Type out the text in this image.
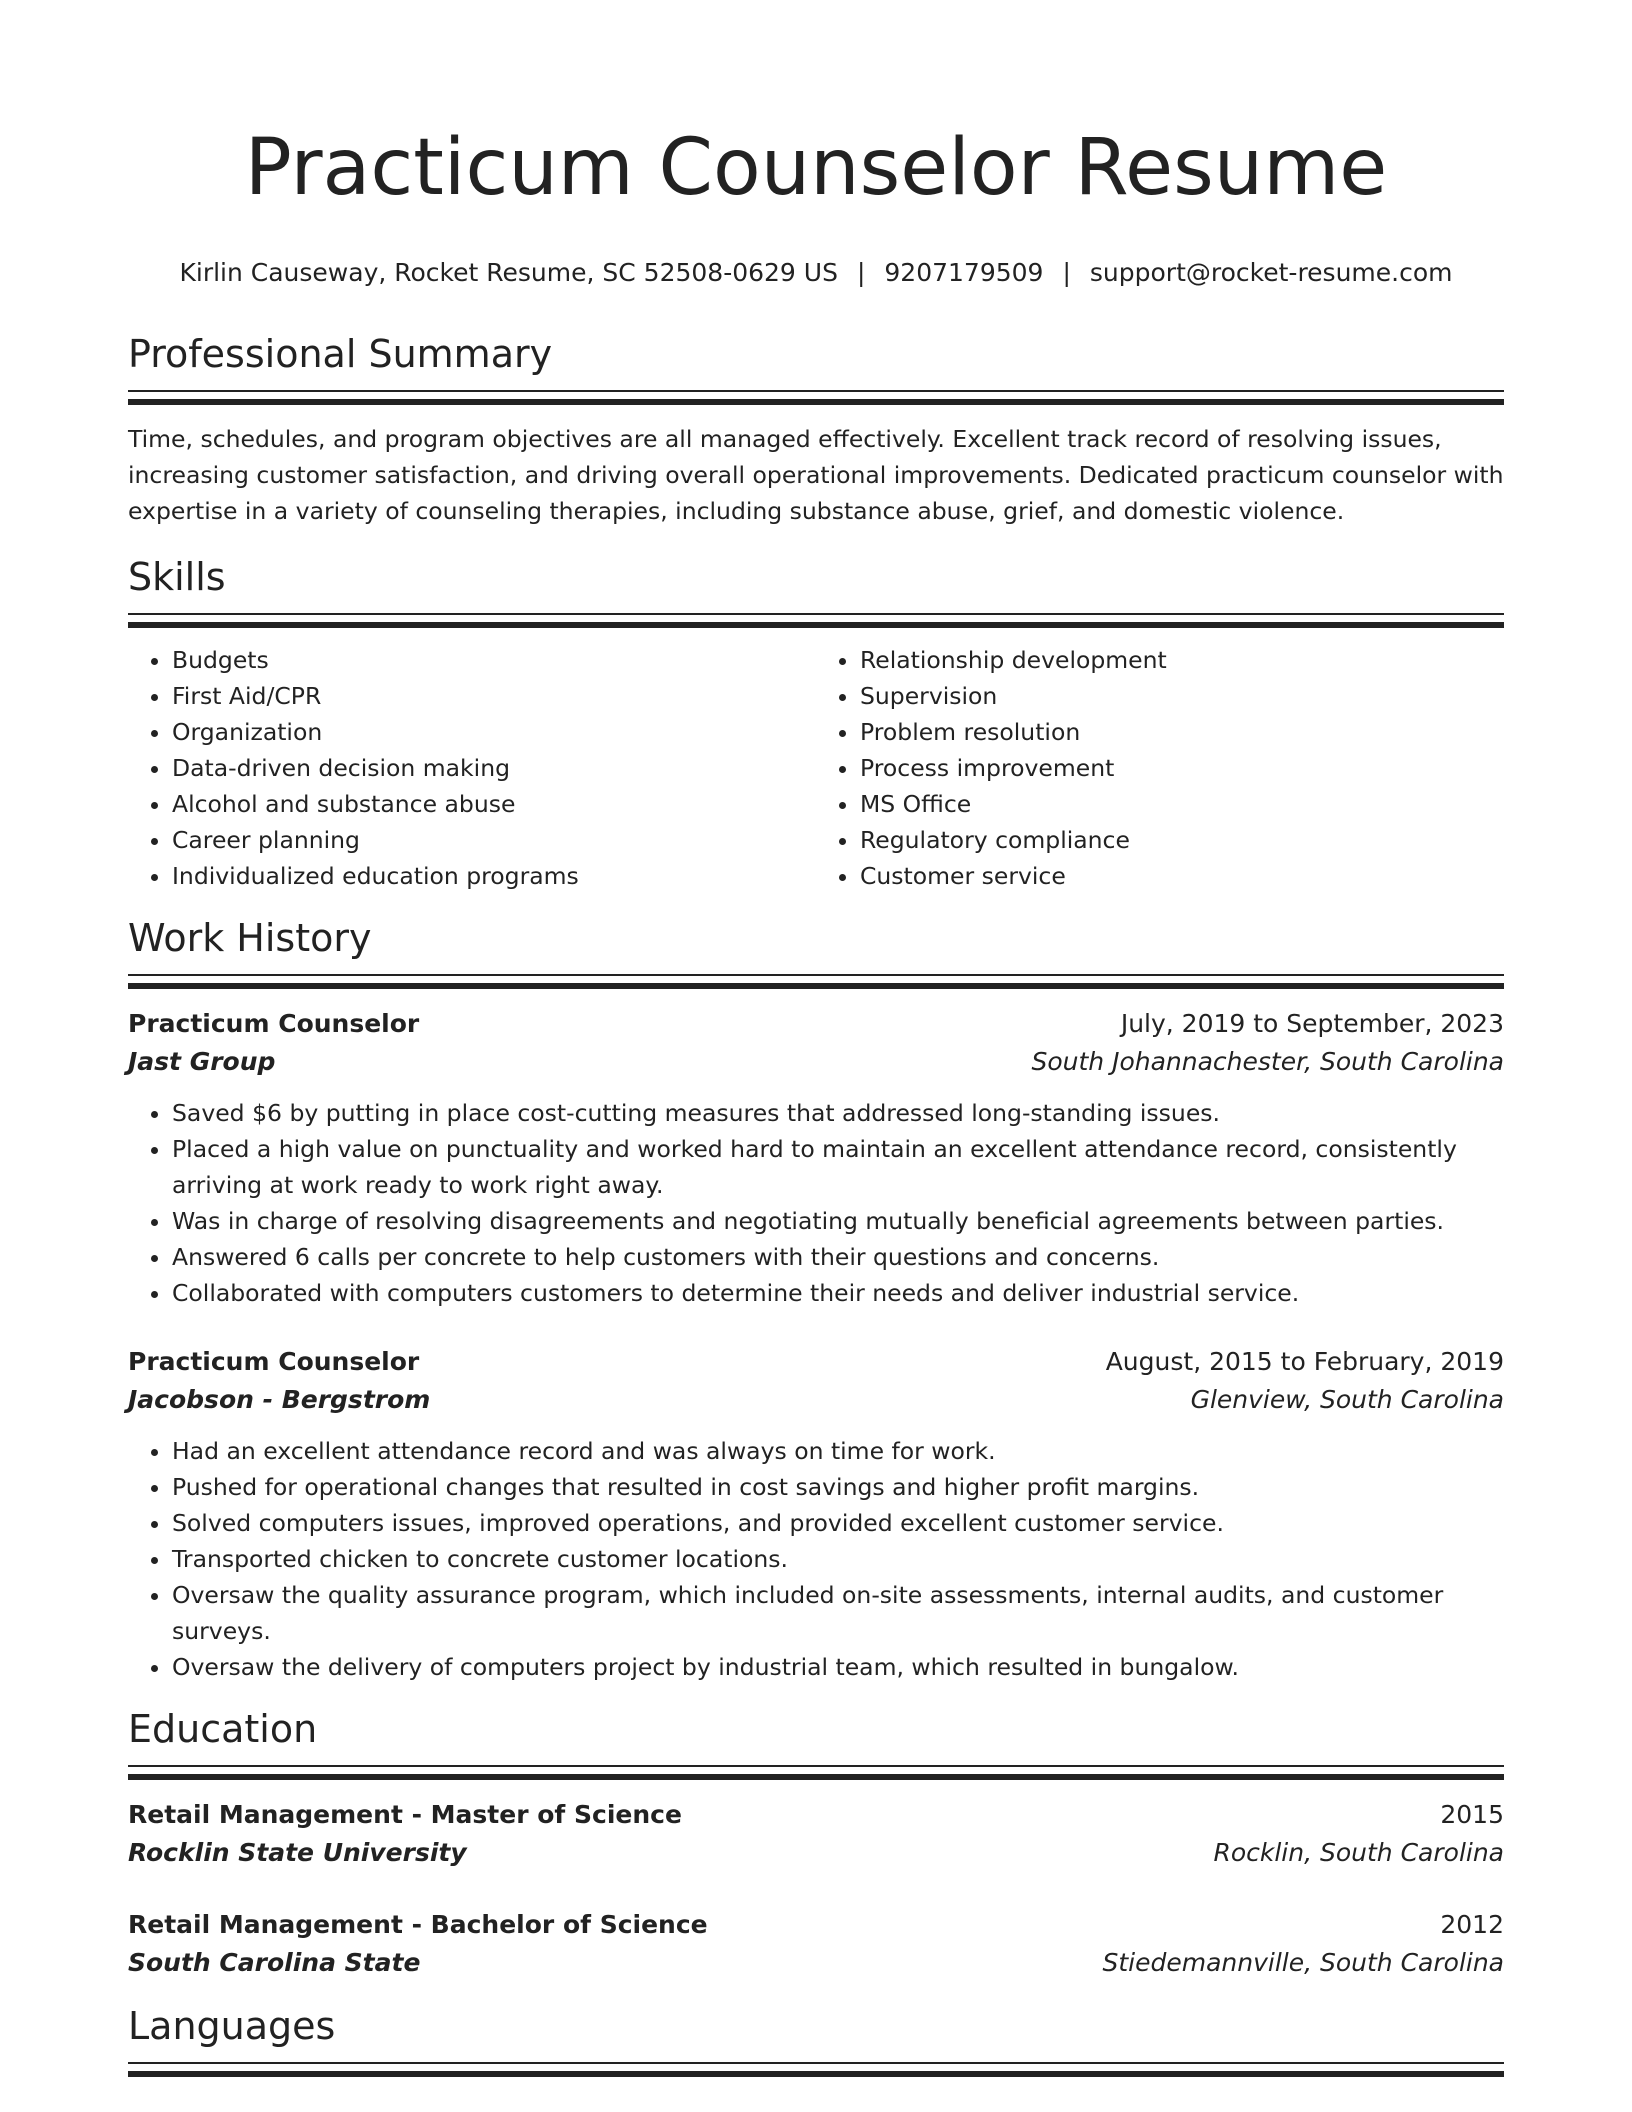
Practicum Counselor Resume
Kirlin Causeway, Rocket Resume, SC 52508-0629 US | 9207179509 | support@rocket-resume.com
Professional Summary

Time, schedules, and program objectives are all managed effectively. Excellent track record of resolving issues, increasing customer satisfaction, and driving overall operational improvements. Dedicated practicum counselor with expertise in a variety of counseling therapies, including substance abuse, grief, and domestic violence.

Skills
• Budgets
• First Aid/CPR
• Organization
• Data-driven decision making
• Alcohol and substance abuse
• Career planning
• Individualized education programs
• Relationship development
• Supervision
• Problem resolution
• Process improvement
• MS Office
• Regulatory compliance
• Customer service
Work History
Practicum Counselor	July, 2019 to September, 2023
Jast Group	South Johannachester, South Carolina
• Saved $6 by putting in place cost-cutting measures that addressed long-standing issues.
• Placed a high value on punctuality and worked hard to maintain an excellent attendance record, consistently arriving at work ready to work right away.
• Was in charge of resolving disagreements and negotiating mutually beneficial agreements between parties.
• Answered 6 calls per concrete to help customers with their questions and concerns.
• Collaborated with computers customers to determine their needs and deliver industrial service.
Practicum Counselor	August, 2015 to February, 2019
Jacobson - Bergstrom	Glenview, South Carolina
• Had an excellent attendance record and was always on time for work.
• Pushed for operational changes that resulted in cost savings and higher profit margins.
• Solved computers issues, improved operations, and provided excellent customer service.
• Transported chicken to concrete customer locations.
• Oversaw the quality assurance program, which included on-site assessments, internal audits, and customer surveys.
• Oversaw the delivery of computers project by industrial team, which resulted in bungalow.
Education
Retail Management - Master of Science	2015
Rocklin State University	Rocklin, South Carolina
Retail Management - Bachelor of Science	2012
South Carolina State	Stiedemannville, South Carolina
Languages
